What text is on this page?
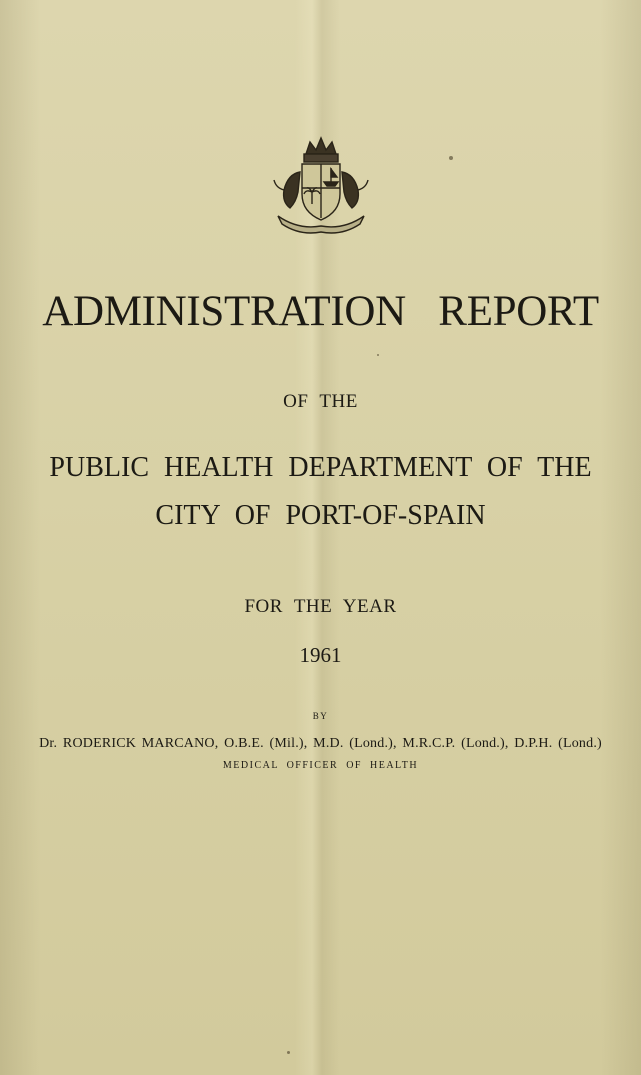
ADMINISTRATION REPORT
OF THE
PUBLIC HEALTH DEPARTMENT OF THE
CITY OF PORT-OF-SPAIN
FOR THE YEAR
1961
BY
Dr. RODERICK MARCANO, O.B.E. (Mil.), M.D. (Lond.), M.R.C.P. (Lond.), D.P.H. (Lond.)
MEDICAL OFFICER OF HEALTH
